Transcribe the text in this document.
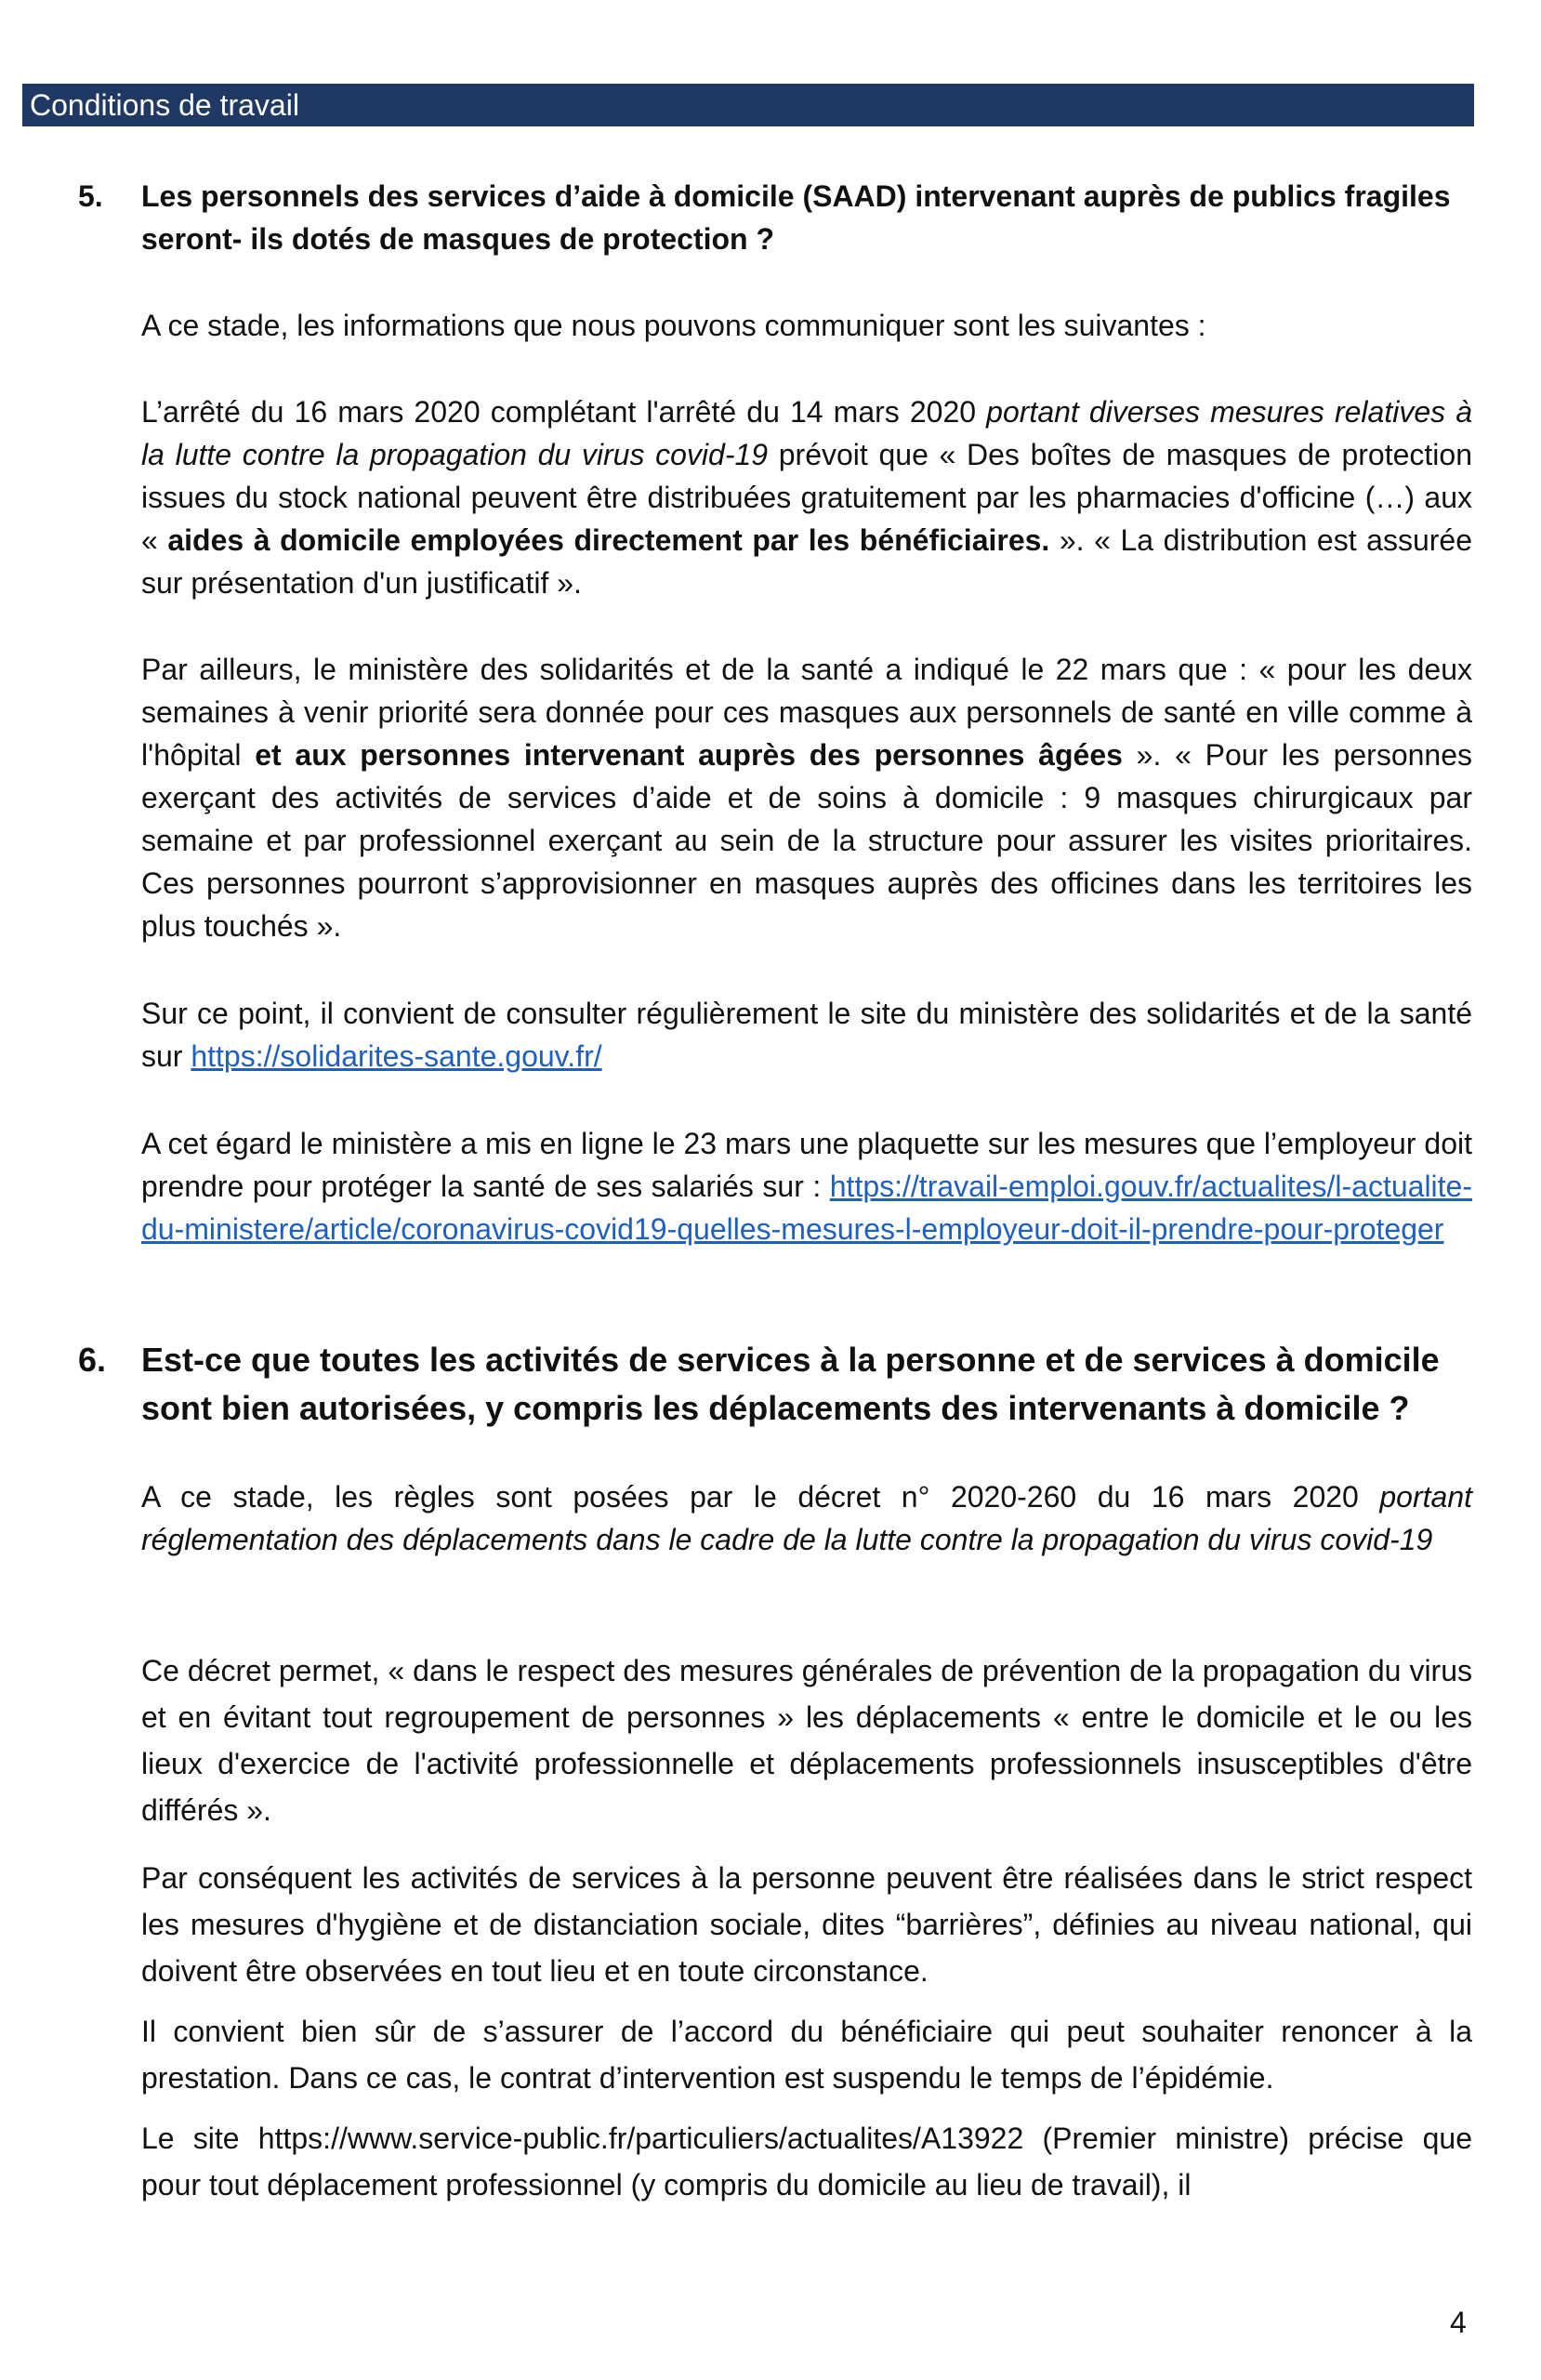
Conditions de travail
5.	Les personnels des services d’aide à domicile (SAAD) intervenant auprès de publics fragiles seront- ils dotés de masques de protection ?

A ce stade, les informations que nous pouvons communiquer sont les suivantes :

L’arrêté du 16 mars 2020 complétant l'arrêté du 14 mars 2020 portant diverses mesures relatives à la lutte contre la propagation du virus covid-19 prévoit que « Des boîtes de masques de protection issues du stock national peuvent être distribuées gratuitement par les pharmacies d'officine (…) aux « aides à domicile employées directement par les bénéficiaires. ». « La distribution est assurée sur présentation d'un justificatif ».

Par ailleurs, le ministère des solidarités et de la santé a indiqué le 22 mars que : « pour les deux semaines à venir priorité sera donnée pour ces masques aux personnels de santé en ville comme à l'hôpital et aux personnes intervenant auprès des personnes âgées ». « Pour les personnes exerçant des activités de services d’aide et de soins à domicile : 9 masques chirurgicaux par semaine et par professionnel exerçant au sein de la structure pour assurer les visites prioritaires. Ces personnes pourront s’approvisionner en masques auprès des officines dans les territoires les plus touchés ».

Sur ce point, il convient de consulter régulièrement le site du ministère des solidarités et de la santé sur https://solidarites-sante.gouv.fr/

A cet égard le ministère a mis en ligne le 23 mars une plaquette sur les mesures que l’employeur doit prendre pour protéger la santé de ses salariés sur : https://travail-emploi.gouv.fr/actualites/l-actualite-du-ministere/article/coronavirus-covid19-quelles-mesures-l-employeur-doit-il-prendre-pour-proteger

6.	Est-ce que toutes les activités de services à la personne et de services à domicile sont bien autorisées, y compris les déplacements des intervenants à domicile ?

A ce stade, les règles sont posées par le décret n° 2020-260 du 16 mars 2020 portant réglementation des déplacements dans le cadre de la lutte contre la propagation du virus covid-19

Ce décret permet, « dans le respect des mesures générales de prévention de la propagation du virus et en évitant tout regroupement de personnes » les déplacements « entre le domicile et le ou les lieux d'exercice de l'activité professionnelle et déplacements professionnels insusceptibles d'être différés ».

Par conséquent les activités de services à la personne peuvent être réalisées dans le strict respect les mesures d'hygiène et de distanciation sociale, dites “barrières”, définies au niveau national, qui doivent être observées en tout lieu et en toute circonstance.

Il convient bien sûr de s’assurer de l’accord du bénéficiaire qui peut souhaiter renoncer à la prestation. Dans ce cas, le contrat d’intervention est suspendu le temps de l’épidémie.

Le site https://www.service-public.fr/particuliers/actualites/A13922 (Premier ministre) précise que pour tout déplacement professionnel (y compris du domicile au lieu de travail), il

4
